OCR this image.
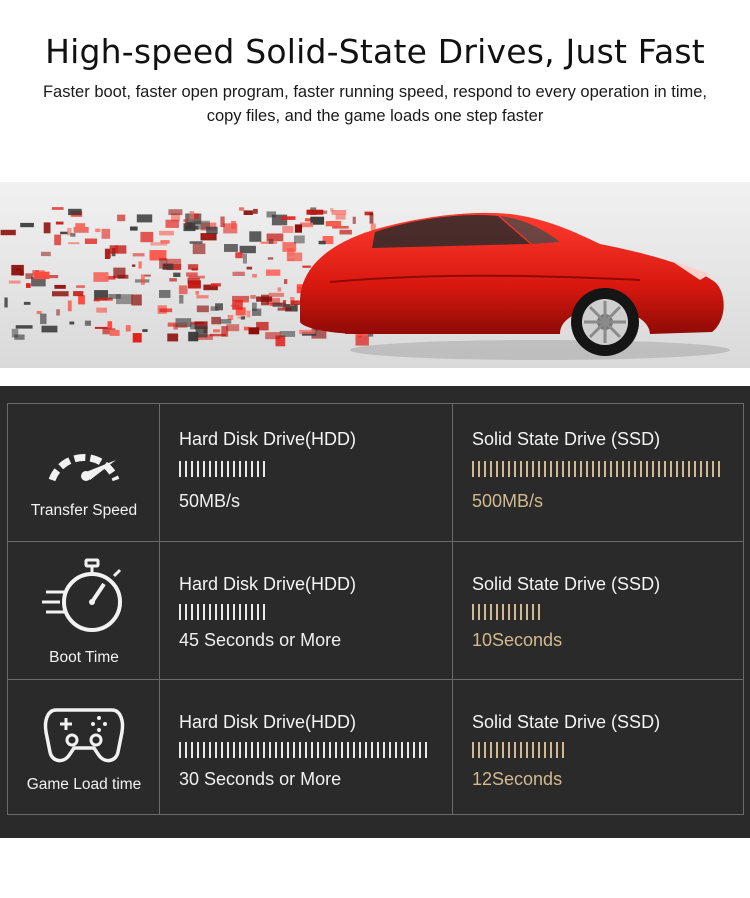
High-speed Solid-State Drives, Just Fast
Faster boot, faster open program, faster running speed, respond to every operation in time, copy files, and the game loads one step faster
Transfer Speed
Hard Disk Drive(HDD)
50MB/s
Solid State Drive (SSD)
500MB/s
Boot Time
Hard Disk Drive(HDD)
45 Seconds or More
Solid State Drive (SSD)
10Seconds
Game Load time
Hard Disk Drive(HDD)
30 Seconds or More
Solid State Drive (SSD)
12Seconds
